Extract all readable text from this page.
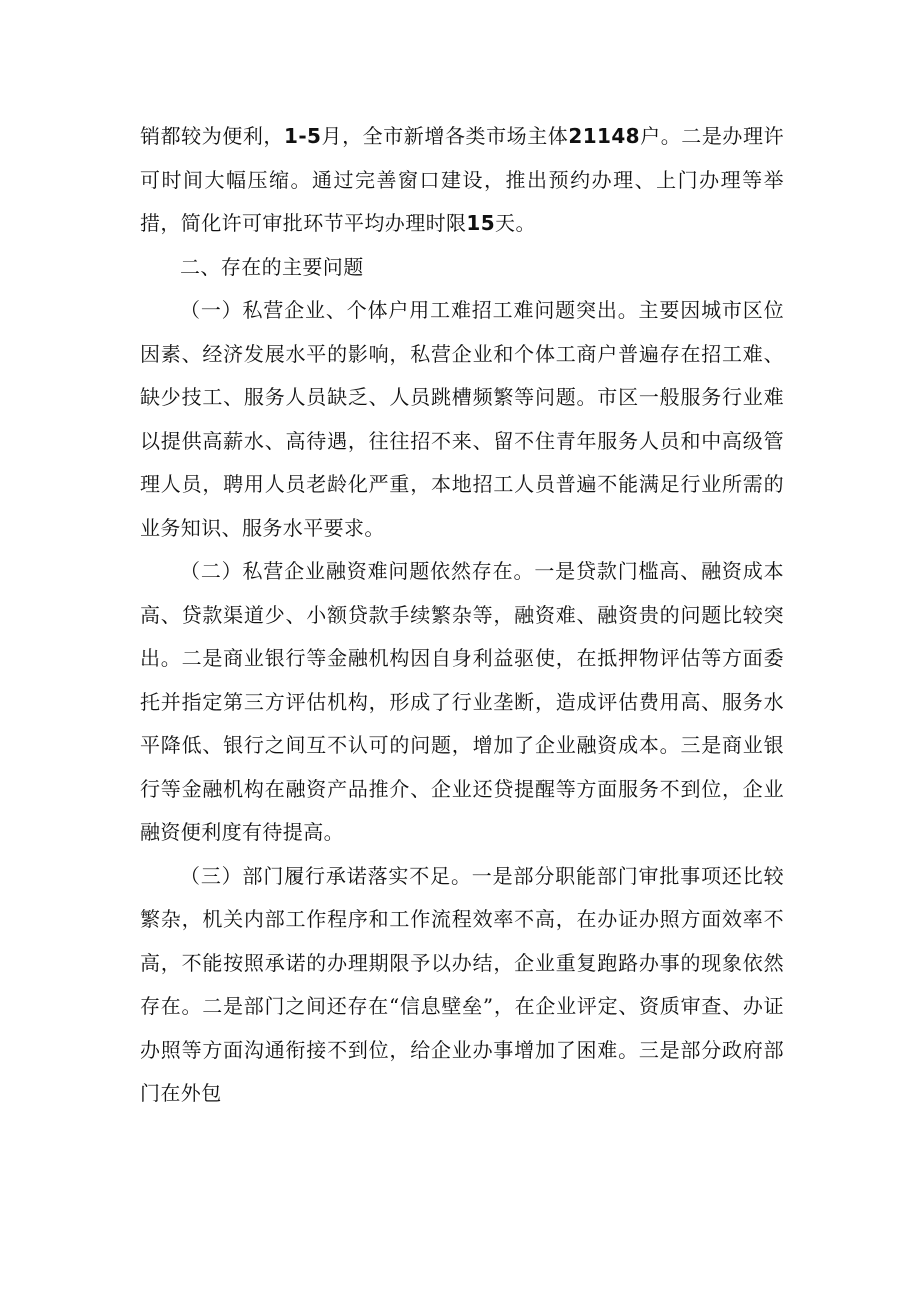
销都较为便利，1-5月，全市新增各类市场主体21148户。二是办理许可时间大幅压缩。通过完善窗口建设，推出预约办理、上门办理等举措，简化许可审批环节平均办理时限15天。

二、存在的主要问题

（一）私营企业、个体户用工难招工难问题突出。主要因城市区位因素、经济发展水平的影响，私营企业和个体工商户普遍存在招工难、缺少技工、服务人员缺乏、人员跳槽频繁等问题。市区一般服务行业难以提供高薪水、高待遇，往往招不来、留不住青年服务人员和中高级管理人员，聘用人员老龄化严重，本地招工人员普遍不能满足行业所需的业务知识、服务水平要求。

（二）私营企业融资难问题依然存在。一是贷款门槛高、融资成本高、贷款渠道少、小额贷款手续繁杂等，融资难、融资贵的问题比较突出。二是商业银行等金融机构因自身利益驱使，在抵押物评估等方面委托并指定第三方评估机构，形成了行业垄断，造成评估费用高、服务水平降低、银行之间互不认可的问题，增加了企业融资成本。三是商业银行等金融机构在融资产品推介、企业还贷提醒等方面服务不到位，企业融资便利度有待提高。

（三）部门履行承诺落实不足。一是部分职能部门审批事项还比较繁杂，机关内部工作程序和工作流程效率不高，在办证办照方面效率不高，不能按照承诺的办理期限予以办结，企业重复跑路办事的现象依然存在。二是部门之间还存在“信息壁垒”，在企业评定、资质审查、办证办照等方面沟通衔接不到位，给企业办事增加了困难。三是部分政府部门在外包
